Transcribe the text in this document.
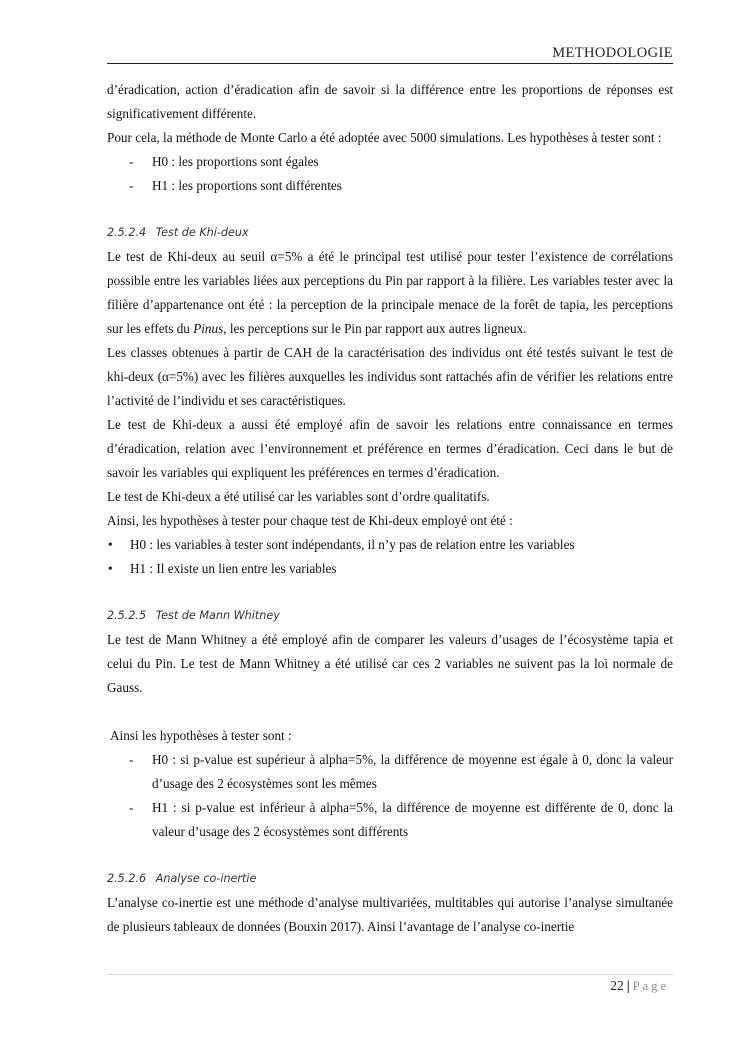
METHODOLOGIE

d’éradication, action d’éradication afin de savoir si la différence entre les proportions de réponses est significativement différente.

Pour cela, la méthode de Monte Carlo a été adoptée avec 5000 simulations. Les hypothèses à tester sont :

-	H0 : les proportions sont égales
-	H1 : les proportions sont différentes
2.5.2.4 Test de Khi-deux

Le test de Khi-deux au seuil α=5% a été le principal test utilisé pour tester l’existence de corrélations possible entre les variables liées aux perceptions du Pin par rapport à la filière. Les variables tester avec la filière d’appartenance ont été : la perception de la principale menace de la forêt de tapia, les perceptions sur les effets du Pinus, les perceptions sur le Pin par rapport aux autres ligneux.

Les classes obtenues à partir de CAH de la caractérisation des individus ont été testés suivant le test de khi-deux (α=5%) avec les filières auxquelles les individus sont rattachés afin de vérifier les relations entre l’activité de l’individu et ses caractéristiques.

Le test de Khi-deux a aussi été employé afin de savoir les relations entre connaissance en termes d’éradication, relation avec l’environnement et préférence en termes d’éradication. Ceci dans le but de savoir les variables qui expliquent les préférences en termes d’éradication.

Le test de Khi-deux a été utilisé car les variables sont d’ordre qualitatifs.

Ainsi, les hypothèses à tester pour chaque test de Khi-deux employé ont été :

•	H0 : les variables à tester sont indépendants, il n’y pas de relation entre les variables
•	H1 : Il existe un lien entre les variables
2.5.2.5 Test de Mann Whitney

Le test de Mann Whitney a été employé afin de comparer les valeurs d’usages de l’écosystème tapia et celui du Pin. Le test de Mann Whitney a été utilisé car ces 2 variables ne suivent pas la loi normale de Gauss.

Ainsi les hypothèses à tester sont :

-	H0 : si p-value est supérieur à alpha=5%, la différence de moyenne est égale à 0, donc la valeur d’usage des 2 écosystèmes sont les mêmes
-	H1 : si p-value est inférieur à alpha=5%, la différence de moyenne est différente de 0, donc la valeur d’usage des 2 écosystèmes sont différents
2.5.2.6 Analyse co-inertie

L’analyse co-inertie est une méthode d’analyse multivariées, multitables qui autorise l’analyse simultanée de plusieurs tableaux de données (Bouxin 2017). Ainsi l’avantage de l’analyse co-inertie

22 | Page
